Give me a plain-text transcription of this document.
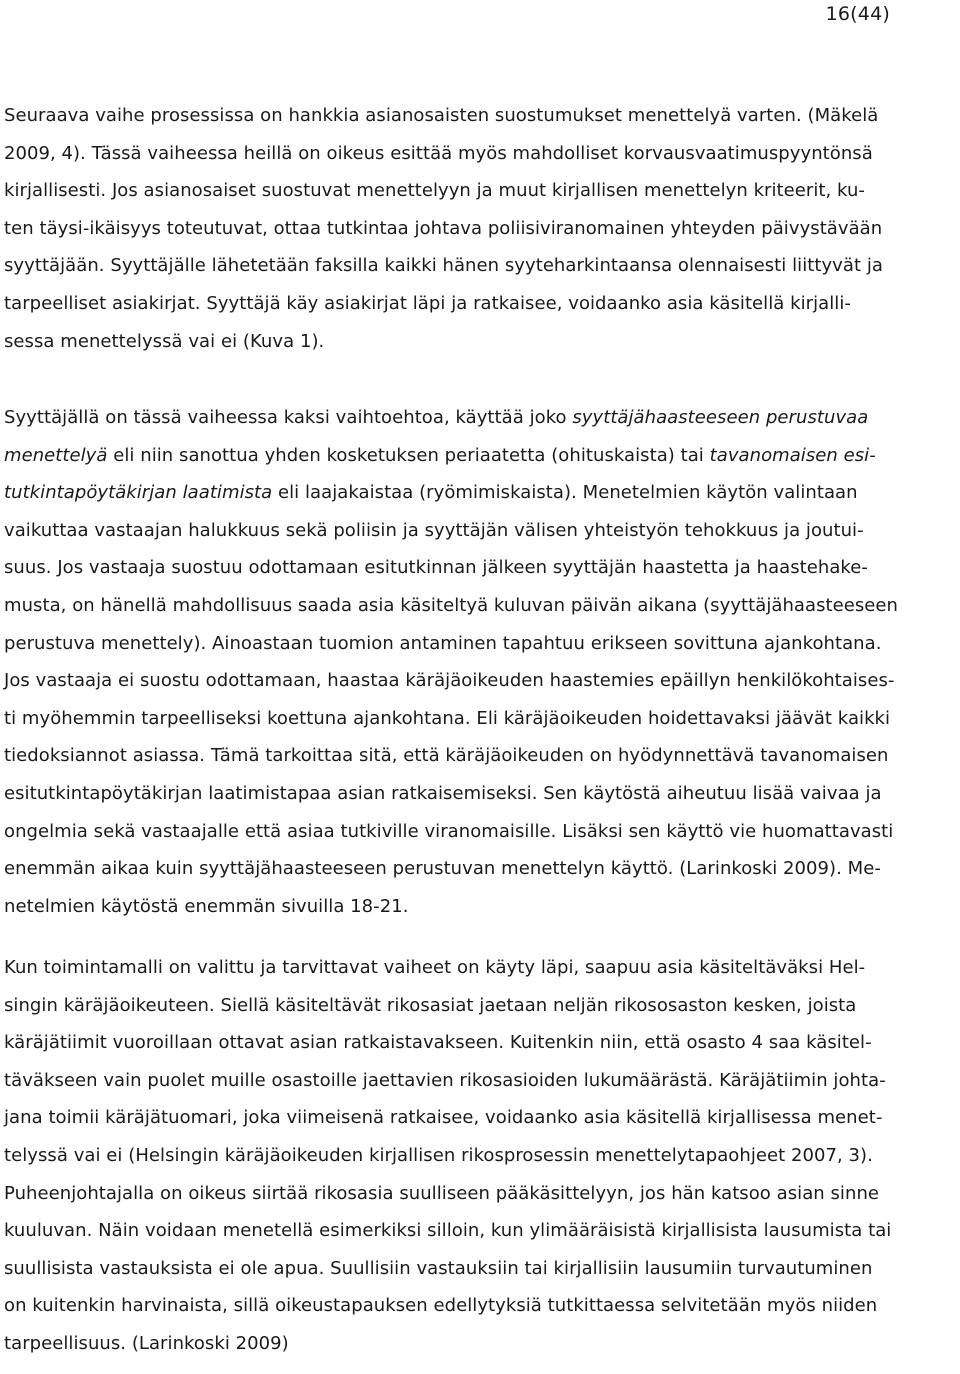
16(44)
Seuraava vaihe prosessissa on hankkia asianosaisten suostumukset menettelyä varten. (Mäkelä
2009, 4). Tässä vaiheessa heillä on oikeus esittää myös mahdolliset korvausvaatimuspyyntönsä
kirjallisesti. Jos asianosaiset suostuvat menettelyyn ja muut kirjallisen menettelyn kriteerit, ku-
ten täysi-ikäisyys toteutuvat, ottaa tutkintaa johtava poliisiviranomainen yhteyden päivystävään
syyttäjään. Syyttäjälle lähetetään faksilla kaikki hänen syyteharkintaansa olennaisesti liittyvät ja
tarpeelliset asiakirjat. Syyttäjä käy asiakirjat läpi ja ratkaisee, voidaanko asia käsitellä kirjalli-
sessa menettelyssä vai ei (Kuva 1).
Syyttäjällä on tässä vaiheessa kaksi vaihtoehtoa, käyttää joko syyttäjähaasteeseen perustuvaa
menettelyä eli niin sanottua yhden kosketuksen periaatetta (ohituskaista) tai tavanomaisen esi-
tutkintapöytäkirjan laatimista eli laajakaistaa (ryömimiskaista). Menetelmien käytön valintaan
vaikuttaa vastaajan halukkuus sekä poliisin ja syyttäjän välisen yhteistyön tehokkuus ja joutui-
suus. Jos vastaaja suostuu odottamaan esitutkinnan jälkeen syyttäjän haastetta ja haastehake-
musta, on hänellä mahdollisuus saada asia käsiteltyä kuluvan päivän aikana (syyttäjähaasteeseen
perustuva menettely). Ainoastaan tuomion antaminen tapahtuu erikseen sovittuna ajankohtana.
Jos vastaaja ei suostu odottamaan, haastaa käräjäoikeuden haastemies epäillyn henkilökohtaises-
ti myöhemmin tarpeelliseksi koettuna ajankohtana. Eli käräjäoikeuden hoidettavaksi jäävät kaikki
tiedoksiannot asiassa. Tämä tarkoittaa sitä, että käräjäoikeuden on hyödynnettävä tavanomaisen
esitutkintapöytäkirjan laatimistapaa asian ratkaisemiseksi. Sen käytöstä aiheutuu lisää vaivaa ja
ongelmia sekä vastaajalle että asiaa tutkiville viranomaisille. Lisäksi sen käyttö vie huomattavasti
enemmän aikaa kuin syyttäjähaasteeseen perustuvan menettelyn käyttö. (Larinkoski 2009). Me-
netelmien käytöstä enemmän sivuilla 18-21.
Kun toimintamalli on valittu ja tarvittavat vaiheet on käyty läpi, saapuu asia käsiteltäväksi Hel-
singin käräjäoikeuteen. Siellä käsiteltävät rikosasiat jaetaan neljän rikososaston kesken, joista
käräjätiimit vuoroillaan ottavat asian ratkaistavakseen. Kuitenkin niin, että osasto 4 saa käsitel-
täväkseen vain puolet muille osastoille jaettavien rikosasioiden lukumäärästä. Käräjätiimin johta-
jana toimii käräjätuomari, joka viimeisenä ratkaisee, voidaanko asia käsitellä kirjallisessa menet-
telyssä vai ei (Helsingin käräjäoikeuden kirjallisen rikosprosessin menettelytapaohjeet 2007, 3).
Puheenjohtajalla on oikeus siirtää rikosasia suulliseen pääkäsittelyyn, jos hän katsoo asian sinne
kuuluvan. Näin voidaan menetellä esimerkiksi silloin, kun ylimääräisistä kirjallisista lausumista tai
suullisista vastauksista ei ole apua. Suullisiin vastauksiin tai kirjallisiin lausumiin turvautuminen
on kuitenkin harvinaista, sillä oikeustapauksen edellytyksiä tutkittaessa selvitetään myös niiden
tarpeellisuus. (Larinkoski 2009)
